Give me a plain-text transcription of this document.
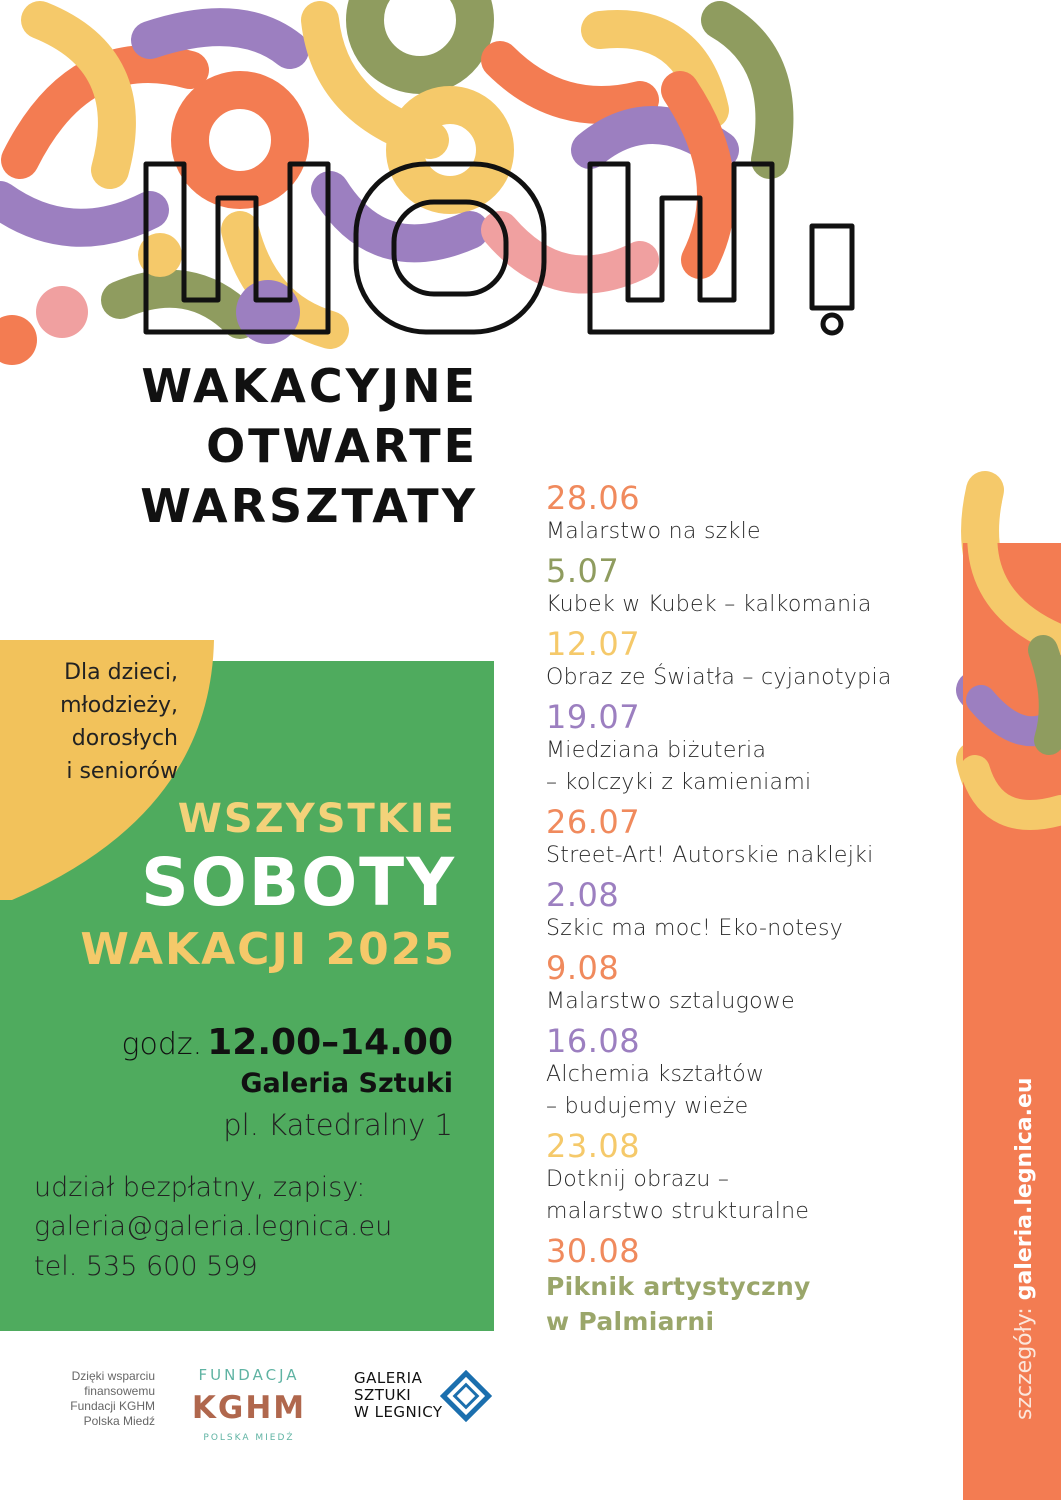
WAKACYJNE
OTWARTE
WARSZTATY
Dla dzieci,
młodzieży,
dorosłych
i seniorów
WSZYSTKIE
SOBOTY
WAKACJI 2025
godz. 12.00–14.00
Galeria Sztuki
pl. Katedralny 1
udział bezpłatny, zapisy:
galeria@galeria.legnica.eu
tel. 535 600 599
28.06
Malarstwo na szkle
5.07
Kubek w Kubek – kalkomania
12.07
Obraz ze Światła – cyjanotypia
19.07
Miedziana biżuteria
– kolczyki z kamieniami
26.07
Street-Art! Autorskie naklejki
2.08
Szkic ma moc! Eko-notesy
9.08
Malarstwo sztalugowe
16.08
Alchemia kształtów
– budujemy wieże
23.08
Dotknij obrazu –
malarstwo strukturalne
30.08
Piknik artystyczny
w Palmiarni	szczegóły: galeria.legnica.eu
Dzięki wsparciu
finansowemu
Fundacji KGHM
Polska Miedź
FUNDACJA
KGHM
POLSKA MIEDŹ
GALERIA
SZTUKI
W LEGNICY
